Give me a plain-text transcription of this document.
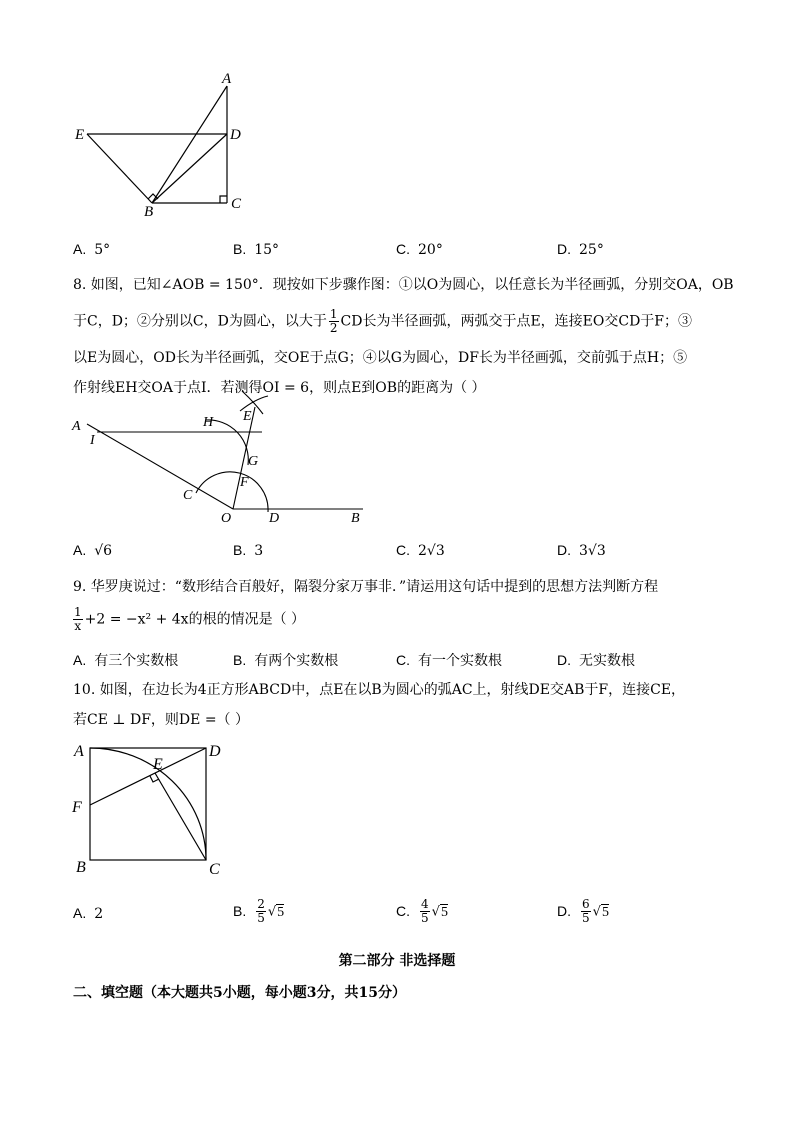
A
E	D
B	C
A. 5°	B. 15°	C. 20°	D. 25°
8. 如图，已知∠AOB = 150°．现按如下步骤作图：①以O为圆心，以任意长为半径画弧，分别交OA，OB
于C，D；②分别以C，D为圆心，以大于 $\frac{1}{2}$ CD长为半径画弧，两弧交于点E，连接EO交CD于F；③
以E为圆心，OD长为半径画弧，交OE于点G；④以G为圆心，DF长为半径画弧，交前弧于点H；⑤
作射线EH交OA于点I．若测得OI = 6，则点E到OB的距离为（ ）
A
I
H E
G
F
C
O	D	B
A. √6	B. 3	C. 2√3	D. 3√3
9. 华罗庚说过：“数形结合百般好，隔裂分家万事非．”请运用这句话中提到的思想方法判断方程
$\frac{1}{x} +2 = -x^2 + 4x$的根的情况是（ ）
A. 有三个实数根	B. 有两个实数根	C. 有一个实数根	D. 无实数根
10. 如图，在边长为4正方形ABCD中，点E在以B为圆心的弧AC上，射线DE交AB于F，连接CE，
若CE ⊥ DF，则DE =（ ）
A	D
E
F
B	C
A. 2	B. $\frac{2}{5} √5$	C. $\frac{4}{5} √5$	D. $\frac{6}{5} √5$
第二部分 非选择题
二、填空题（本大题共5小题，每小题3分，共15分）
